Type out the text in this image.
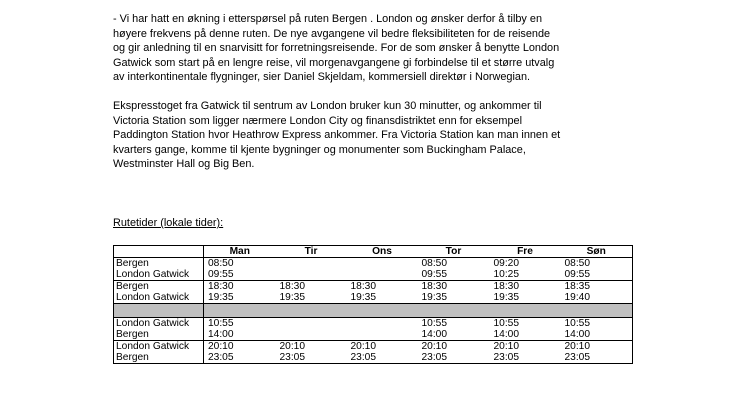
- Vi har hatt en økning i etterspørsel på ruten Bergen . London og ønsker derfor å tilby en
høyere frekvens på denne ruten. De nye avgangene vil bedre fleksibiliteten for de reisende
og gir anledning til en snarvisitt for forretningsreisende. For de som ønsker å benytte London
Gatwick som start på en lengre reise, vil morgenavgangene gi forbindelse til et større utvalg
av interkontinentale flygninger, sier Daniel Skjeldam, kommersiell direktør i Norwegian.

Ekspresstoget fra Gatwick til sentrum av London bruker kun 30 minutter, og ankommer til
Victoria Station som ligger nærmere London City og finansdistriktet enn for eksempel
Paddington Station hvor Heathrow Express ankommer. Fra Victoria Station kan man innen et
kvarters gange, komme til kjente bygninger og monumenter som Buckingham Palace,
Westminster Hall og Big Ben.

Rutetider (lokale tider):
	Man	Tir	Ons	Tor	Fre	Søn
Bergen	08:50			08:50	09:20	08:50
London Gatwick	09:55			09:55	10:25	09:55
Bergen	18:30	18:30	18:30	18:30	18:30	18:35
London Gatwick	19:35	19:35	19:35	19:35	19:35	19:40

London Gatwick	10:55			10:55	10:55	10:55
Bergen	14:00			14:00	14:00	14:00
London Gatwick	20:10	20:10	20:10	20:10	20:10	20:10
Bergen	23:05	23:05	23:05	23:05	23:05	23:05
